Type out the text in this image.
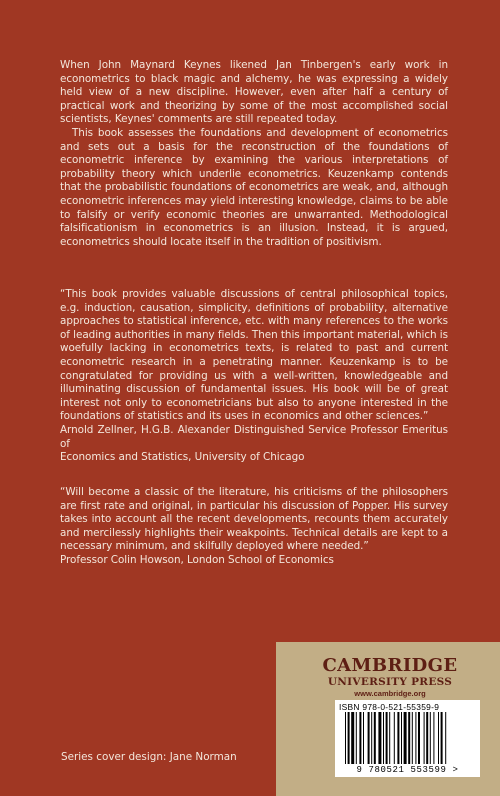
When John Maynard Keynes likened Jan Tinbergen's early work in econometrics to black magic and alchemy, he was expressing a widely held view of a new discipline. However, even after half a century of practical work and theorizing by some of the most accomplished social scientists, Keynes' comments are still repeated today.

This book assesses the foundations and development of econometrics and sets out a basis for the reconstruction of the foundations of econometric inference by examining the various interpretations of probability theory which underlie econometrics. Keuzenkamp contends that the probabilistic foundations of econometrics are weak, and, although econometric inferences may yield interesting knowledge, claims to be able to falsify or verify economic theories are unwarranted. Methodological falsificationism in econometrics is an illusion. Instead, it is argued, econometrics should locate itself in the tradition of positivism.

“This book provides valuable discussions of central philosophical topics, e.g. induction, causation, simplicity, definitions of probability, alternative approaches to statistical inference, etc. with many references to the works of leading authorities in many fields. Then this important material, which is woefully lacking in econometrics texts, is related to past and current econometric research in a penetrating manner. Keuzenkamp is to be congratulated for providing us with a well-written, knowledgeable and illuminating discussion of fundamental issues. His book will be of great interest not only to econometricians but also to anyone interested in the foundations of statistics and its uses in economics and other sciences.”

Arnold Zellner, H.G.B. Alexander Distinguished Service Professor Emeritus of
Economics and Statistics, University of Chicago

“Will become a classic of the literature, his criticisms of the philosophers are first rate and original, in particular his discussion of Popper. His survey takes into account all the recent developments, recounts them accurately and mercilessly highlights their weakpoints. Technical details are kept to a necessary minimum, and skilfully deployed where needed.”

Professor Colin Howson, London School of Economics

CAMBRIDGE
UNIVERSITY PRESS
www.cambridge.org
ISBN 978-0-521-55359-9
9 780521 553599 >
Series cover design: Jane Norman
